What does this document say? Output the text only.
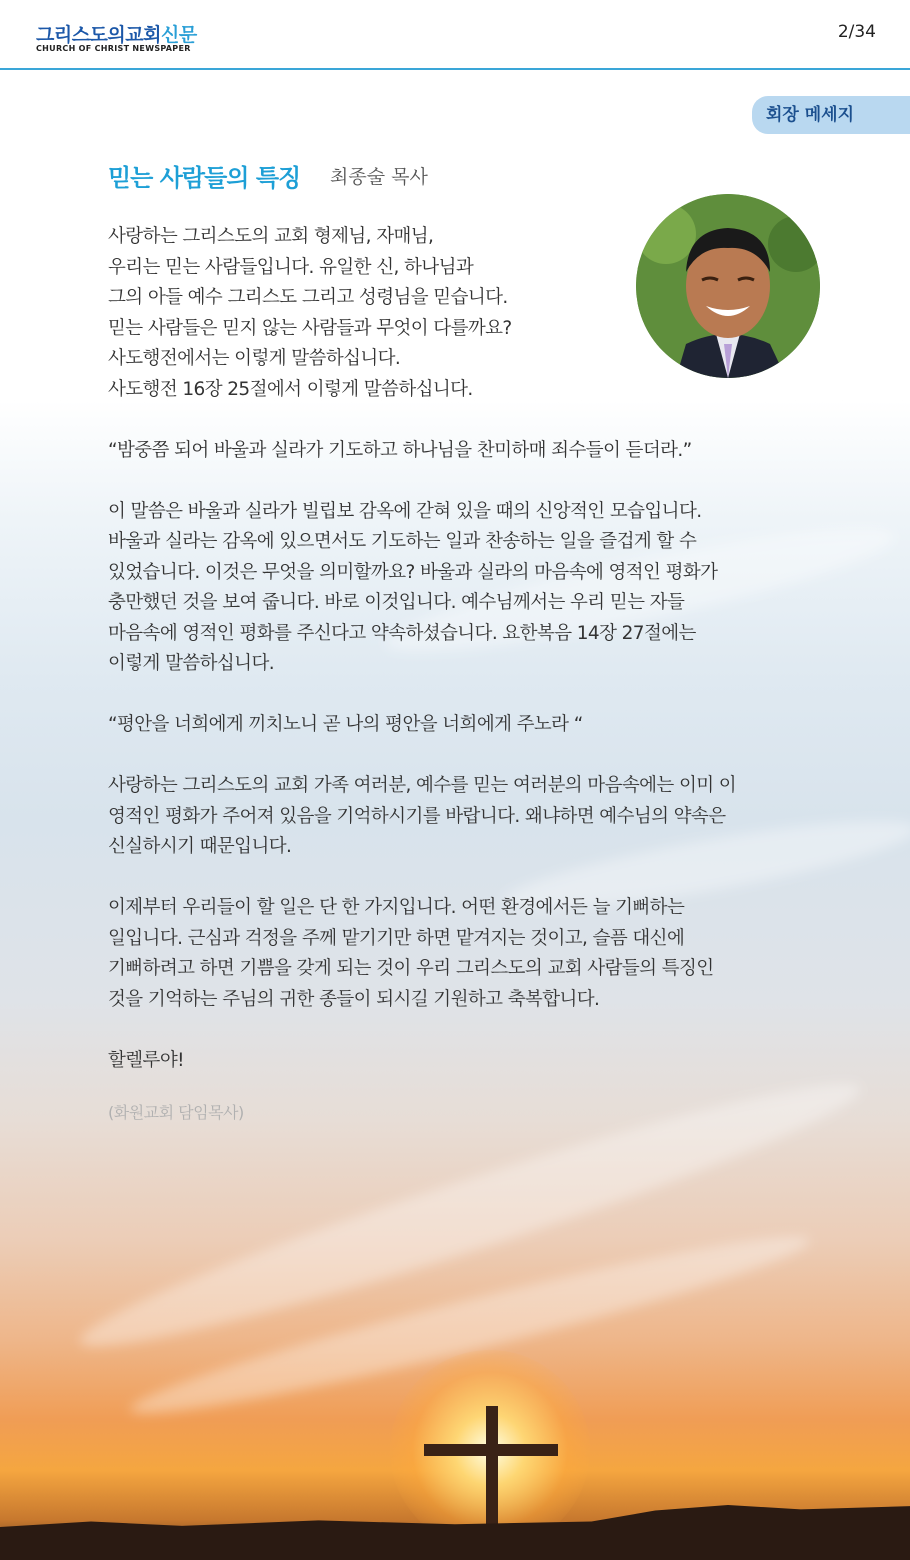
그리스도의교회신문
CHURCH OF CHRIST NEWSPAPER
2/34
회장 메세지
믿는 사람들의 특징 최종술 목사

사랑하는 그리스도의 교회 형제님, 자매님,
우리는 믿는 사람들입니다. 유일한 신, 하나님과
그의 아들 예수 그리스도 그리고 성령님을 믿습니다.
믿는 사람들은 믿지 않는 사람들과 무엇이 다를까요?
사도행전에서는 이렇게 말씀하십니다.
사도행전 16장 25절에서 이렇게 말씀하십니다.

“밤중쯤 되어 바울과 실라가 기도하고 하나님을 찬미하매 죄수들이 듣더라.”

이 말씀은 바울과 실라가 빌립보 감옥에 갇혀 있을 때의 신앙적인 모습입니다.
바울과 실라는 감옥에 있으면서도 기도하는 일과 찬송하는 일을 즐겁게 할 수
있었습니다. 이것은 무엇을 의미할까요? 바울과 실라의 마음속에 영적인 평화가
충만했던 것을 보여 줍니다. 바로 이것입니다. 예수님께서는 우리 믿는 자들
마음속에 영적인 평화를 주신다고 약속하셨습니다. 요한복음 14장 27절에는
이렇게 말씀하십니다.

“평안을 너희에게 끼치노니 곧 나의 평안을 너희에게 주노라 “

사랑하는 그리스도의 교회 가족 여러분, 예수를 믿는 여러분의 마음속에는 이미 이
영적인 평화가 주어져 있음을 기억하시기를 바랍니다. 왜냐하면 예수님의 약속은
신실하시기 때문입니다.

이제부터 우리들이 할 일은 단 한 가지입니다. 어떤 환경에서든 늘 기뻐하는
일입니다. 근심과 걱정을 주께 맡기기만 하면 맡겨지는 것이고, 슬픔 대신에
기뻐하려고 하면 기쁨을 갖게 되는 것이 우리 그리스도의 교회 사람들의 특징인
것을 기억하는 주님의 귀한 종들이 되시길 기원하고 축복합니다.

할렐루야!

(화원교회 담임목사)
